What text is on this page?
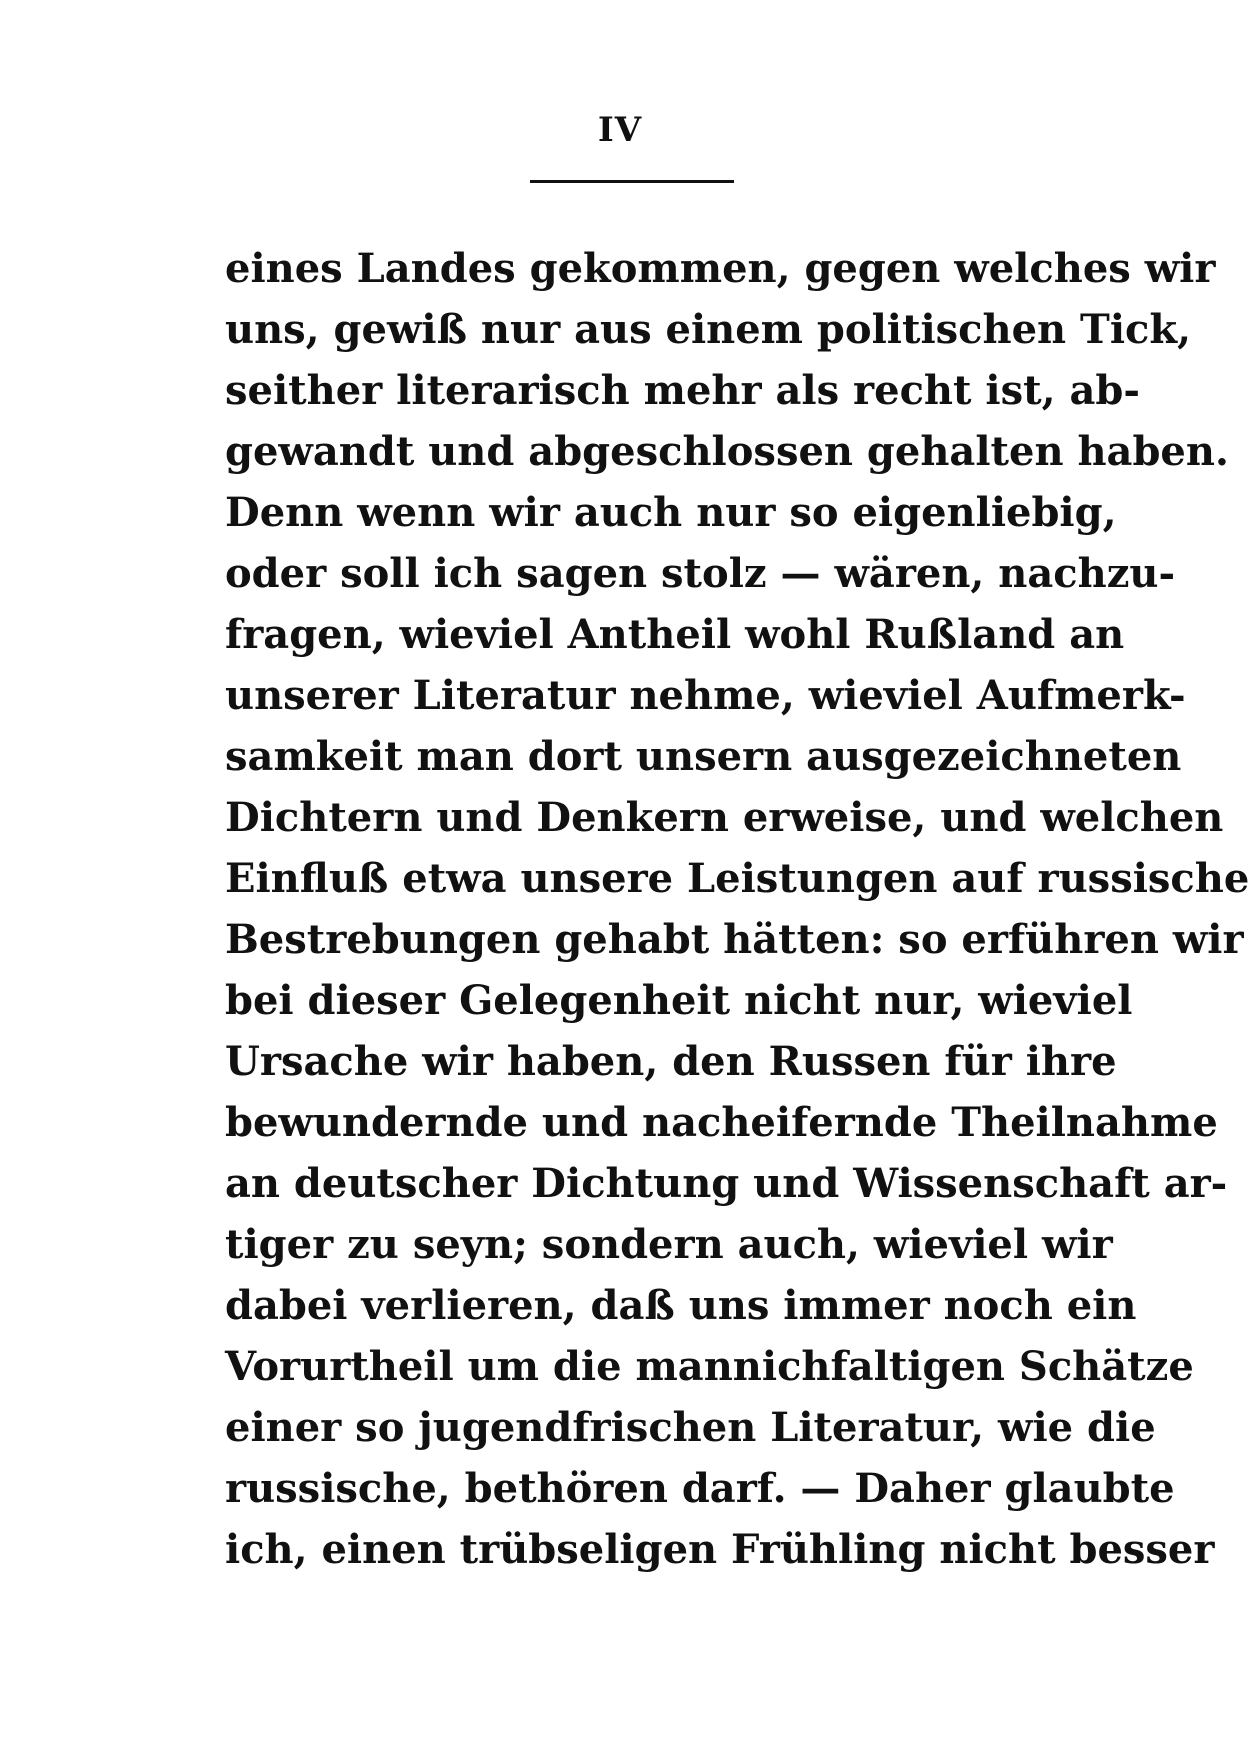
IV
eines Landes gekommen, gegen welches wir
uns, gewiß nur aus einem politischen Tick,
seither literarisch mehr als recht ist, ab-
gewandt und abgeschlossen gehalten haben.
Denn wenn wir auch nur so eigenliebig,
oder soll ich sagen stolz — wären, nachzu-
fragen, wieviel Antheil wohl Rußland an
unserer Literatur nehme, wieviel Aufmerk-
samkeit man dort unsern ausgezeichneten
Dichtern und Denkern erweise, und welchen
Einfluß etwa unsere Leistungen auf russische
Bestrebungen gehabt hätten: so erführen wir
bei dieser Gelegenheit nicht nur, wieviel
Ursache wir haben, den Russen für ihre
bewundernde und nacheifernde Theilnahme
an deutscher Dichtung und Wissenschaft ar-
tiger zu seyn; sondern auch, wieviel wir
dabei verlieren, daß uns immer noch ein
Vorurtheil um die mannichfaltigen Schätze
einer so jugendfrischen Literatur, wie die
russische, bethören darf. — Daher glaubte
ich, einen trübseligen Frühling nicht besser
